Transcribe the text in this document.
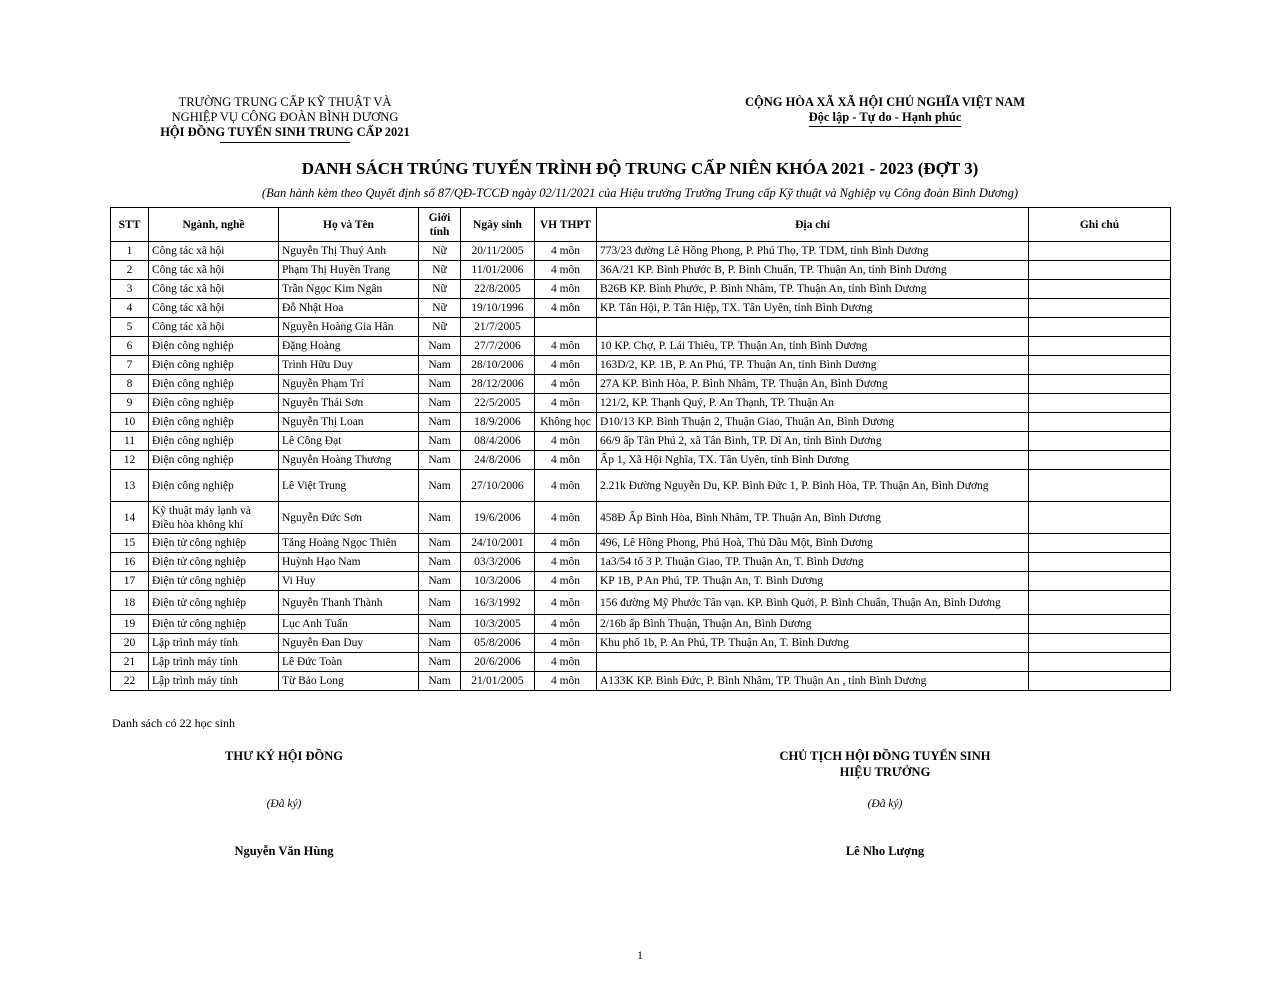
TRƯỜNG TRUNG CẤP KỸ THUẬT VÀ
NGHIỆP VỤ CÔNG ĐOÀN BÌNH DƯƠNG
HỘI ĐỒNG TUYỂN SINH TRUNG CẤP 2021
CỘNG HÒA XÃ XÃ HỘI CHỦ NGHĨA VIỆT NAM
Độc lập - Tự do - Hạnh phúc
DANH SÁCH TRÚNG TUYỂN TRÌNH ĐỘ TRUNG CẤP NIÊN KHÓA 2021 - 2023 (ĐỢT 3)
(Ban hành kèm theo Quyết định số 87/QĐ-TCCĐ ngày 02/11/2021 của Hiệu trưởng Trường Trung cấp Kỹ thuật và Nghiệp vụ Công đoàn Bình Dương)
STT	Ngành, nghề	Họ và Tên	Giới tính	Ngày sinh	VH THPT	Địa chỉ	Ghi chú
1	Công tác xã hội	Nguyễn Thị Thuý Anh	Nữ	20/11/2005	4 môn	773/23 đường Lê Hồng Phong, P. Phú Thọ, TP. TDM, tỉnh Bình Dương	
2	Công tác xã hội	Phạm Thị Huyền Trang	Nữ	11/01/2006	4 môn	36A/21 KP. Bình Phước B, P. Bình Chuẩn, TP. Thuận An, tỉnh Bình Dương	
3	Công tác xã hội	Trần Ngọc Kim Ngân	Nữ	22/8/2005	4 môn	B26B KP. Bình Phước, P. Bình Nhâm, TP. Thuận An, tỉnh Bình Dương	
4	Công tác xã hội	Đỗ Nhật Hoa	Nữ	19/10/1996	4 môn	KP. Tân Hội, P. Tân Hiệp, TX. Tân Uyên, tỉnh Bình Dương	
5	Công tác xã hội	Nguyễn Hoàng Gia Hân	Nữ	21/7/2005			
6	Điện công nghiệp	Đặng Hoàng	Nam	27/7/2006	4 môn	10 KP. Chợ, P. Lái Thiêu, TP. Thuận An, tỉnh Bình Dương	
7	Điện công nghiệp	Trình Hữu Duy	Nam	28/10/2006	4 môn	163D/2, KP. 1B, P. An Phú, TP. Thuận An, tỉnh Bình Dương	
8	Điện công nghiệp	Nguyễn Phạm Trí	Nam	28/12/2006	4 môn	27A KP. Bình Hòa, P. Bình Nhâm, TP. Thuận An, Bình Dương	
9	Điện công nghiệp	Nguyễn Thái Sơn	Nam	22/5/2005	4 môn	121/2, KP. Thạnh Quý, P. An Thạnh, TP. Thuận An	
10	Điện công nghiệp	Nguyễn Thị Loan	Nam	18/9/2006	Không học	D10/13 KP. Bình Thuận 2, Thuận Giao, Thuận An, Bình Dương	
11	Điện công nghiệp	Lê Công Đạt	Nam	08/4/2006	4 môn	66/9 ấp Tân Phú 2, xã Tân Bình, TP. Dĩ An, tỉnh Bình Dương	
12	Điện công nghiệp	Nguyễn Hoàng Thương	Nam	24/8/2006	4 môn	Ấp 1, Xã Hội Nghĩa, TX. Tân Uyên, tỉnh Bình Dương	
13	Điện công nghiệp	Lê Việt Trung	Nam	27/10/2006	4 môn	2.21k Đường Nguyễn Du, KP. Bình Đức 1, P. Bình Hòa, TP. Thuận An, Bình Dương	
14	Kỹ thuật máy lạnh và Điều hòa không khí	Nguyễn Đức Sơn	Nam	19/6/2006	4 môn	458Đ Ấp Bình Hòa, Bình Nhâm, TP. Thuận An, Bình Dương	
15	Điện tử công nghiệp	Tăng Hoàng Ngọc Thiên	Nam	24/10/2001	4 môn	496, Lê Hồng Phong, Phú Hoà, Thủ Dầu Một, Bình Dương	
16	Điện tử công nghiệp	Huỳnh Hạo Nam	Nam	03/3/2006	4 môn	1a3/54 tổ 3 P. Thuận Giao, TP. Thuận An, T. Bình Dương	
17	Điện tử công nghiệp	Vi Huy	Nam	10/3/2006	4 môn	KP 1B, P An Phú, TP. Thuận An, T. Bình Dương	
18	Điện tử công nghiệp	Nguyễn Thanh Thành	Nam	16/3/1992	4 môn	156 đường Mỹ Phước Tân vạn. KP. Bình Quới, P. Bình Chuẩn, Thuận An, Bình Dương	
19	Điện tử công nghiệp	Lục Anh Tuấn	Nam	10/3/2005	4 môn	2/16b ấp Bình Thuận, Thuận An, Bình Dương	
20	Lập trình máy tính	Nguyễn Đan Duy	Nam	05/8/2006	4 môn	Khu phố 1b, P. An Phú, TP. Thuận An, T. Bình Dương	
21	Lập trình máy tính	Lê Đức Toàn	Nam	20/6/2006	4 môn		
22	Lập trình máy tính	Từ Bảo Long	Nam	21/01/2005	4 môn	A133K KP. Bình Đức, P. Bình Nhâm, TP. Thuận An , tỉnh Bình Dương	
Danh sách có 22 học sinh
THƯ KÝ HỘI ĐỒNG
(Đã ký)
Nguyễn Văn Hùng
CHỦ TỊCH HỘI ĐỒNG TUYỂN SINH
HIỆU TRƯỞNG
(Đã ký)
Lê Nho Lượng
1
